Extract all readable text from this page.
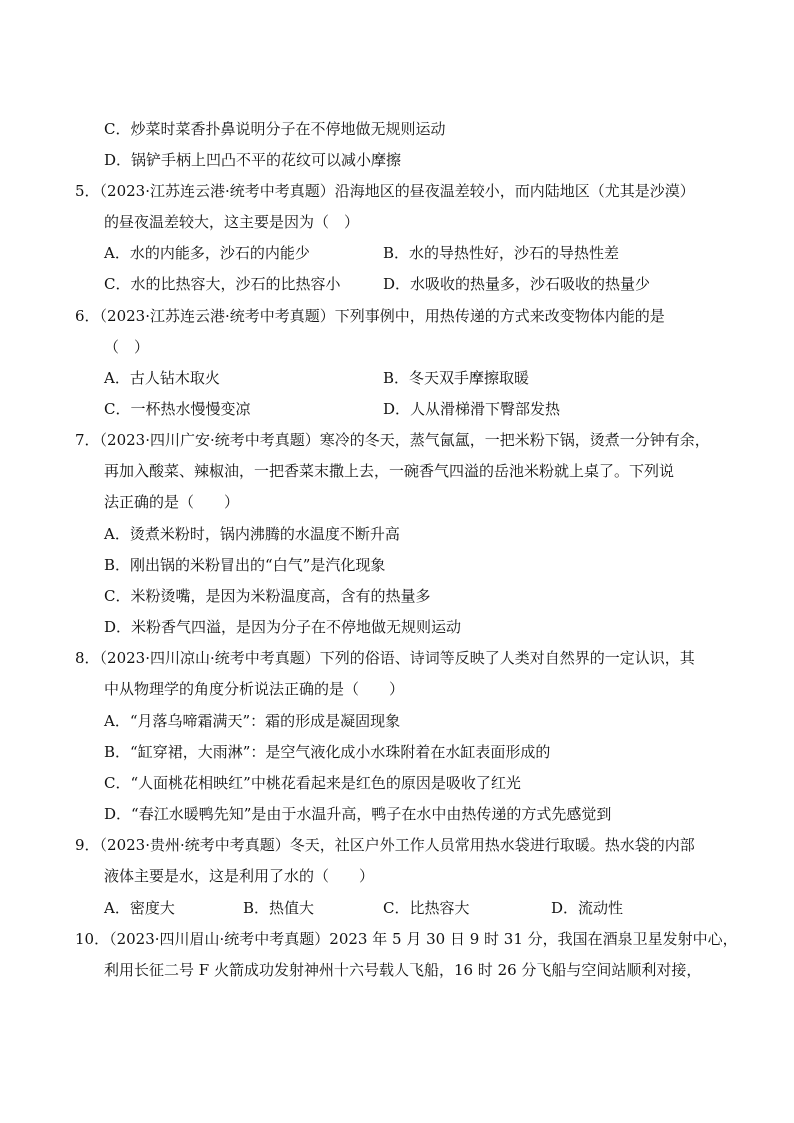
C．炒菜时菜香扑鼻说明分子在不停地做无规则运动
D．锅铲手柄上凹凸不平的花纹可以减小摩擦
5．（2023·江苏连云港·统考中考真题）沿海地区的昼夜温差较小，而内陆地区（尤其是沙漠）
的昼夜温差较大，这主要是因为（　）
A．水的内能多，沙石的内能少	B．水的导热性好，沙石的导热性差
C．水的比热容大，沙石的比热容小	D．水吸收的热量多，沙石吸收的热量少
6．（2023·江苏连云港·统考中考真题）下列事例中，用热传递的方式来改变物体内能的是
（　）
A．古人钻木取火	B．冬天双手摩擦取暖
C．一杯热水慢慢变凉	D．人从滑梯滑下臀部发热
7．（2023·四川广安·统考中考真题）寒冷的冬天，蒸气氤氲，一把米粉下锅，烫煮一分钟有余，
再加入酸菜、辣椒油，一把香菜末撒上去，一碗香气四溢的岳池米粉就上桌了。下列说
法正确的是（　　）
A．烫煮米粉时，锅内沸腾的水温度不断升高
B．刚出锅的米粉冒出的“白气”是汽化现象
C．米粉烫嘴，是因为米粉温度高，含有的热量多
D．米粉香气四溢，是因为分子在不停地做无规则运动
8．（2023·四川凉山·统考中考真题）下列的俗语、诗词等反映了人类对自然界的一定认识，其
中从物理学的角度分析说法正确的是（　　）
A．“月落乌啼霜满天”：霜的形成是凝固现象
B．“缸穿裙，大雨淋”：是空气液化成小水珠附着在水缸表面形成的
C．“人面桃花相映红”中桃花看起来是红色的原因是吸收了红光
D．“春江水暖鸭先知”是由于水温升高，鸭子在水中由热传递的方式先感觉到
9．（2023·贵州·统考中考真题）冬天，社区户外工作人员常用热水袋进行取暖。热水袋的内部
液体主要是水，这是利用了水的（　　）
A．密度大	B．热值大	C．比热容大	D．流动性
10．（2023·四川眉山·统考中考真题）2023 年 5 月 30 日 9 时 31 分，我国在酒泉卫星发射中心，
利用长征二号 F 火箭成功发射神州十六号载人飞船，16 时 26 分飞船与空间站顺利对接，
